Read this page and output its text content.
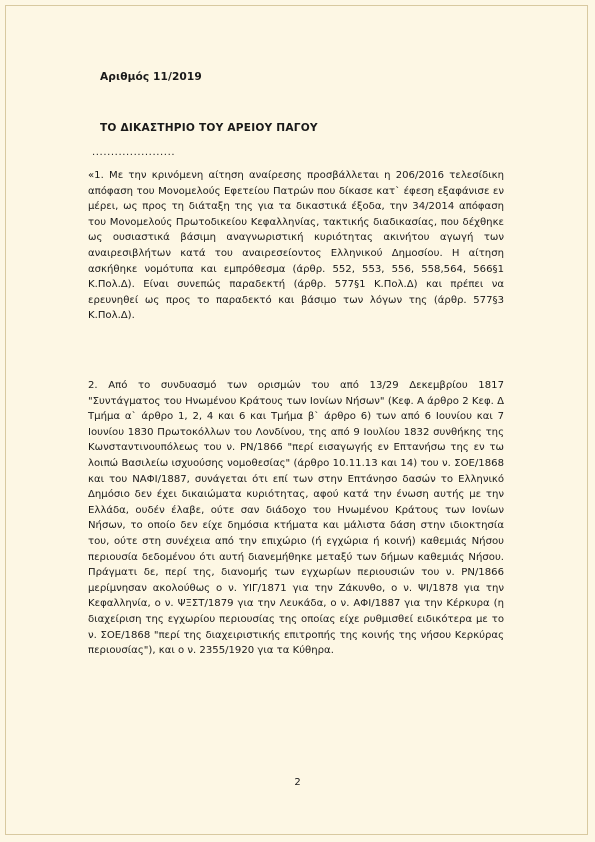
Αριθμός 11/2019
ΤΟ ΔΙΚΑΣΤΗΡΙΟ ΤΟΥ ΑΡΕΙΟΥ ΠΑΓΟΥ
......................

«1. Με την κρινόμενη αίτηση αναίρεσης προσβάλλεται η 206/2016 τελεσίδικη απόφαση του Μονομελούς Εφετείου Πατρών που δίκασε κατ` έφεση εξαφάνισε εν μέρει, ως προς τη διάταξη της για τα δικαστικά έξοδα, την 34/2014 απόφαση του Μονομελούς Πρωτοδικείου Κεφαλληνίας, τακτικής διαδικασίας, που δέχθηκε ως ουσιαστικά βάσιμη αναγνωριστική κυριότητας ακινήτου αγωγή των αναιρεσιβλήτων κατά του αναιρεσείοντος Ελληνικού Δημοσίου. Η αίτηση ασκήθηκε νομότυπα και εμπρόθεσμα (άρθρ. 552, 553, 556, 558,564, 566§1 Κ.Πολ.Δ). Είναι συνεπώς παραδεκτή (άρθρ. 577§1 Κ.Πολ.Δ) και πρέπει να ερευνηθεί ως προς το παραδεκτό και βάσιμο των λόγων της (άρθρ. 577§3 Κ.Πολ.Δ).

2. Από το συνδυασμό των ορισμών του από 13/29 Δεκεμβρίου 1817 "Συντάγματος του Ηνωμένου Κράτους των Ιονίων Νήσων" (Κεφ. Α άρθρο 2 Κεφ. Δ Τμήμα α` άρθρο 1, 2, 4 και 6 και Τμήμα β` άρθρο 6) των από 6 Ιουνίου και 7 Ιουνίου 1830 Πρωτοκόλλων του Λονδίνου, της από 9 Ιουλίου 1832 συνθήκης της Κωνσταντινουπόλεως του ν. ΡΝ/1866 "περί εισαγωγής εν Επτανήσω της εν τω λοιπώ Βασιλείω ισχυούσης νομοθεσίας" (άρθρο 10.11.13 και 14) του ν. ΣΟΕ/1868 και του ΝΑΦΙ/1887, συνάγεται ότι επί των στην Επτάνησο δασών το Ελληνικό Δημόσιο δεν έχει δικαιώματα κυριότητας, αφού κατά την ένωση αυτής με την Ελλάδα, ουδέν έλαβε, ούτε σαν διάδοχο του Ηνωμένου Κράτους των Ιονίων Νήσων, το οποίο δεν είχε δημόσια κτήματα και μάλιστα δάση στην ιδιοκτησία του, ούτε στη συνέχεια από την επιχώριο (ή εγχώρια ή κοινή) καθεμιάς Νήσου περιουσία δεδομένου ότι αυτή διανεμήθηκε μεταξύ των δήμων καθεμιάς Νήσου. Πράγματι δε, περί της, διανομής των εγχωρίων περιουσιών του ν. ΡΝ/1866 μερίμνησαν ακολούθως ο ν. ΥΙΓ/1871 για την Ζάκυνθο, ο ν. ΨΙ/1878 για την Κεφαλληνία, ο ν. ΨΞΣΤ/1879 για την Λευκάδα, ο ν. ΑΦΙ/1887 για την Κέρκυρα (η διαχείριση της εγχωρίου περιουσίας της οποίας είχε ρυθμισθεί ειδικότερα με το ν. ΣΟΕ/1868 "περί της διαχειριστικής επιτροπής της κοινής της νήσου Κερκύρας περιουσίας"), και ο ν. 2355/1920 για τα Κύθηρα.

2
